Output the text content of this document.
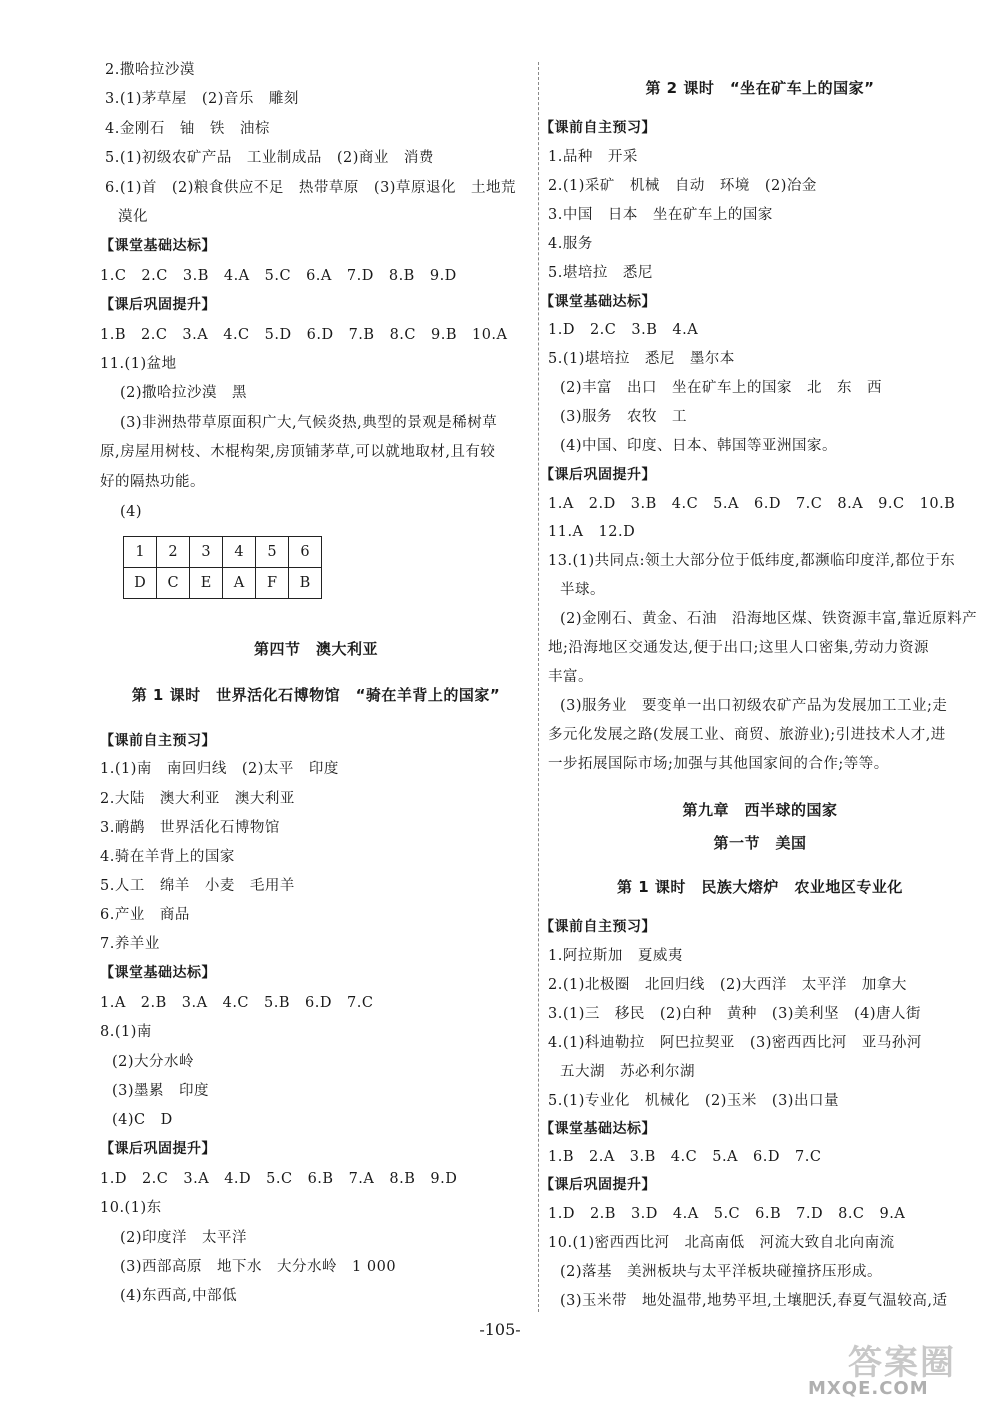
2.撒哈拉沙漠
3.(1)茅草屋　(2)音乐　雕刻
4.金刚石　铀　铁　油棕
5.(1)初级农矿产品　工业制成品　(2)商业　消费
6.(1)首　(2)粮食供应不足　热带草原　(3)草原退化　土地荒
漠化
【课堂基础达标】
1.C　2.C　3.B　4.A　5.C　6.A　7.D　8.B　9.D
【课后巩固提升】
1.B　2.C　3.A　4.C　5.D　6.D　7.B　8.C　9.B　10.A
11.(1)盆地
(2)撒哈拉沙漠　黑
(3)非洲热带草原面积广大,气候炎热,典型的景观是稀树草
原,房屋用树枝、木棍构架,房顶铺茅草,可以就地取材,且有较
好的隔热功能。
(4)
1	2	3	4	5	6
D	C	E	A	F	B
第四节　澳大利亚
第 1 课时　世界活化石博物馆　“骑在羊背上的国家”
【课前自主预习】
1.(1)南　南回归线　(2)太平　印度
2.大陆　澳大利亚　澳大利亚
3.鸸鹋　世界活化石博物馆
4.骑在羊背上的国家
5.人工　绵羊　小麦　毛用羊
6.产业　商品
7.养羊业
【课堂基础达标】
1.A　2.B　3.A　4.C　5.B　6.D　7.C
8.(1)南
(2)大分水岭
(3)墨累　印度
(4)C　D
【课后巩固提升】
1.D　2.C　3.A　4.D　5.C　6.B　7.A　8.B　9.D
10.(1)东
(2)印度洋　太平洋
(3)西部高原　地下水　大分水岭　1 000
(4)东西高,中部低
第 2 课时　“坐在矿车上的国家”
【课前自主预习】
1.品种　开采
2.(1)采矿　机械　自动　环境　(2)冶金
3.中国　日本　坐在矿车上的国家
4.服务
5.堪培拉　悉尼
【课堂基础达标】
1.D　2.C　3.B　4.A
5.(1)堪培拉　悉尼　墨尔本
(2)丰富　出口　坐在矿车上的国家　北　东　西
(3)服务　农牧　工
(4)中国、印度、日本、韩国等亚洲国家。
【课后巩固提升】
1.A　2.D　3.B　4.C　5.A　6.D　7.C　8.A　9.C　10.B
11.A　12.D
13.(1)共同点:领土大部分位于低纬度,都濒临印度洋,都位于东
半球。
(2)金刚石、黄金、石油　沿海地区煤、铁资源丰富,靠近原料产
地;沿海地区交通发达,便于出口;这里人口密集,劳动力资源
丰富。
(3)服务业　要变单一出口初级农矿产品为发展加工工业;走
多元化发展之路(发展工业、商贸、旅游业);引进技术人才,进
一步拓展国际市场;加强与其他国家间的合作;等等。
第九章　西半球的国家
第一节　美国
第 1 课时　民族大熔炉　农业地区专业化
【课前自主预习】
1.阿拉斯加　夏威夷
2.(1)北极圈　北回归线　(2)大西洋　太平洋　加拿大
3.(1)三　移民　(2)白种　黄种　(3)美利坚　(4)唐人街
4.(1)科迪勒拉　阿巴拉契亚　(3)密西西比河　亚马孙河
五大湖　苏必利尔湖
5.(1)专业化　机械化　(2)玉米　(3)出口量
【课堂基础达标】
1.B　2.A　3.B　4.C　5.A　6.D　7.C
【课后巩固提升】
1.D　2.B　3.D　4.A　5.C　6.B　7.D　8.C　9.A
10.(1)密西西比河　北高南低　河流大致自北向南流
(2)落基　美洲板块与太平洋板块碰撞挤压形成。
(3)玉米带　地处温带,地势平坦,土壤肥沃,春夏气温较高,适
-105-
答案圈
MXQE.COM
